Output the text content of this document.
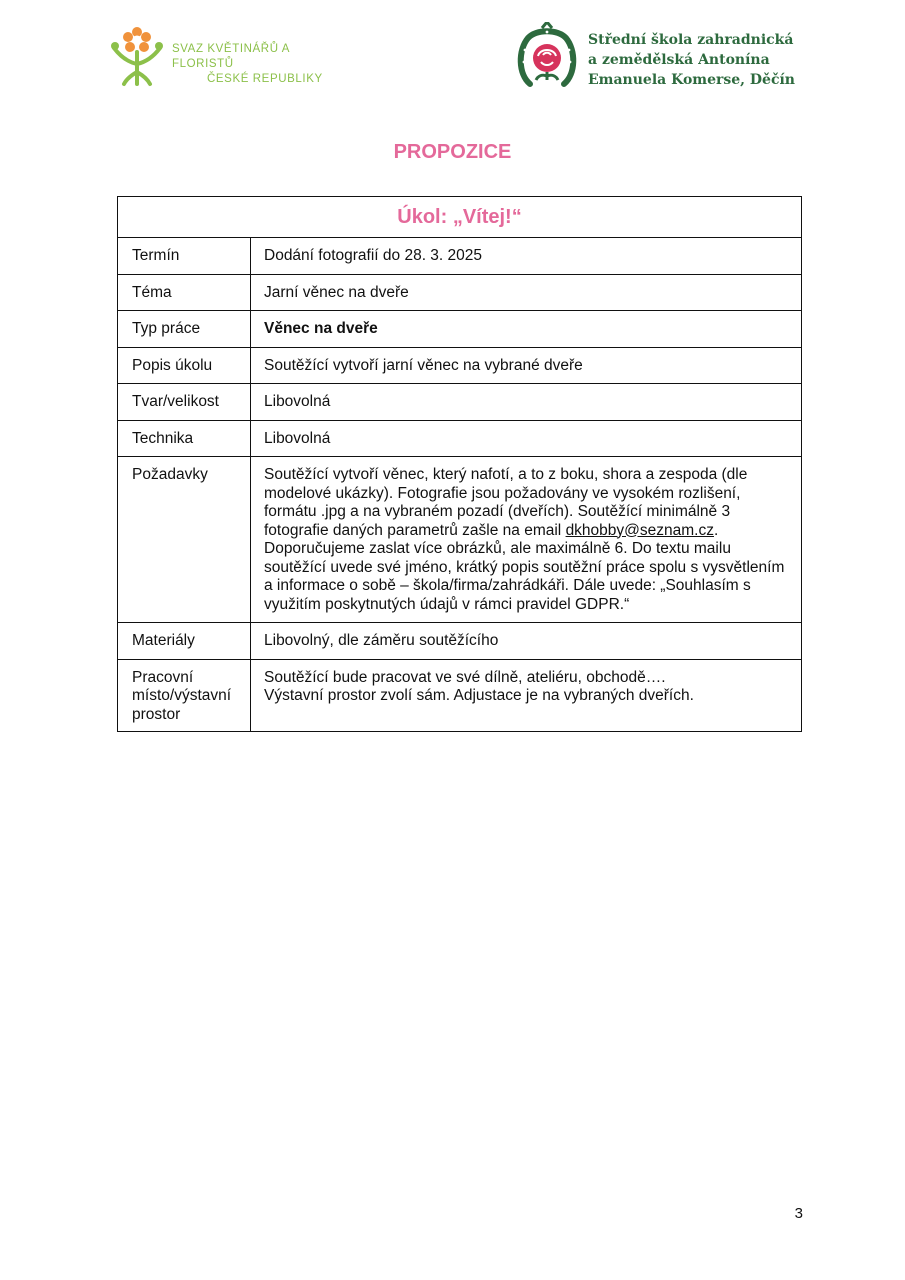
SVAZ KVĚTINÁŘŮ A FLORISTŮ
ČESKÉ REPUBLIKY
Střední škola zahradnická
a zemědělská Antonína
Emanuela Komerse, Děčín
PROPOZICE
Úkol: „Vítej!“	
Termín	Dodání fotografií do 28. 3. 2025
Téma	Jarní věnec na dveře
Typ práce	Věnec na dveře
Popis úkolu	Soutěžící vytvoří jarní věnec na vybrané dveře
Tvar/velikost	Libovolná
Technika	Libovolná
Požadavky	Soutěžící vytvoří věnec, který nafotí, a to z boku, shora a zespoda (dle modelové ukázky). Fotografie jsou požadovány ve vysokém rozlišení, formátu .jpg a na vybraném pozadí (dveřích). Soutěžící minimálně 3 fotografie daných parametrů zašle na email dkhobby@seznam.cz. Doporučujeme zaslat více obrázků, ale maximálně 6. Do textu mailu soutěžící uvede své jméno, krátký popis soutěžní práce spolu s vysvětlením a informace o sobě – škola/firma/zahrádkáři. Dále uvede: „Souhlasím s využitím poskytnutých údajů v rámci pravidel GDPR.“
Materiály	Libovolný, dle záměru soutěžícího
Pracovní místo/výstavní prostor	Soutěžící bude pracovat ve své dílně, ateliéru, obchodě….
Výstavní prostor zvolí sám. Adjustace je na vybraných dveřích.
3
